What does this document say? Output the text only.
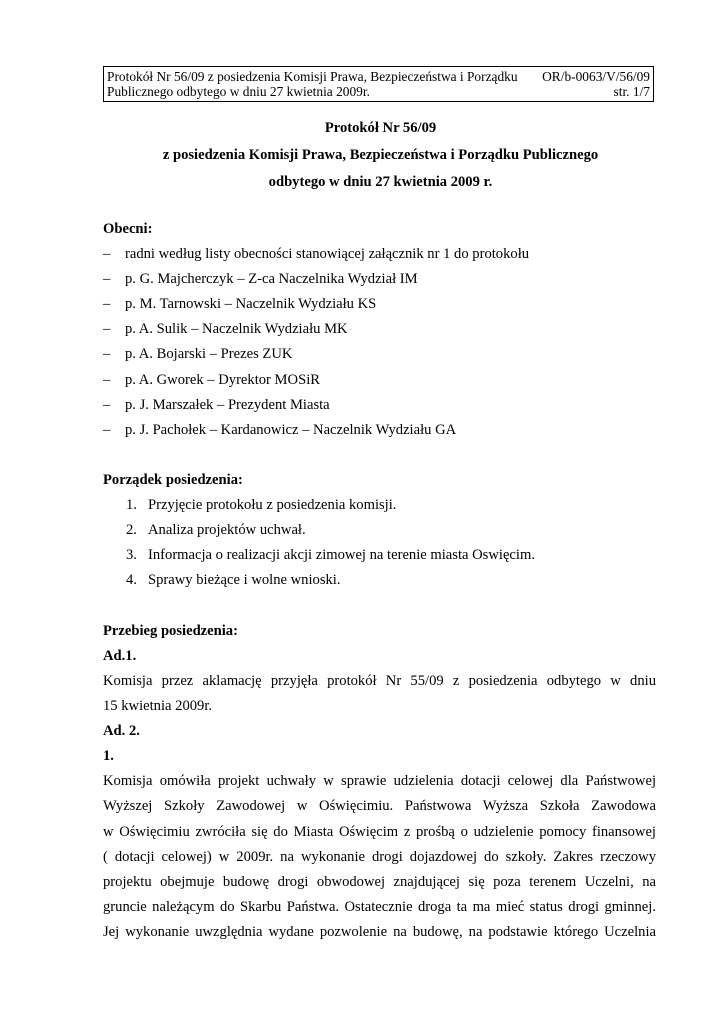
Protokół Nr 56/09 z posiedzenia Komisji Prawa, Bezpieczeństwa i Porządku OR/b-0063/V/56/09
Publicznego odbytego w dniu 27 kwietnia 2009r.	str. 1/7
Protokół Nr 56/09
z posiedzenia Komisji Prawa, Bezpieczeństwa i Porządku Publicznego
odbytego w dniu 27 kwietnia 2009 r.
Obecni:
– radni według listy obecności stanowiącej załącznik nr 1 do protokołu
– p. G. Majcherczyk – Z-ca Naczelnika Wydział IM
– p. M. Tarnowski – Naczelnik Wydziału KS
– p. A. Sulik – Naczelnik Wydziału MK
– p. A. Bojarski – Prezes ZUK
– p. A. Gworek – Dyrektor MOSiR
– p. J. Marszałek – Prezydent Miasta
– p. J. Pachołek – Kardanowicz – Naczelnik Wydziału GA
Porządek posiedzenia:
1. Przyjęcie protokołu z posiedzenia komisji.
2. Analiza projektów uchwał.
3. Informacja o realizacji akcji zimowej na terenie miasta Oswięcim.
4. Sprawy bieżące i wolne wnioski.
Przebieg posiedzenia:
Ad.1.
Komisja przez aklamację przyjęła protokół Nr 55/09 z posiedzenia odbytego w dniu
15 kwietnia 2009r.
Ad. 2.
1.
Komisja omówiła projekt uchwały w sprawie udzielenia dotacji celowej dla Państwowej
Wyższej Szkoły Zawodowej w Oświęcimiu. Państwowa Wyższa Szkoła Zawodowa
w Oświęcimiu zwróciła się do Miasta Oświęcim z prośbą o udzielenie pomocy finansowej
( dotacji celowej) w 2009r. na wykonanie drogi dojazdowej do szkoły. Zakres rzeczowy
projektu obejmuje budowę drogi obwodowej znajdującej się poza terenem Uczelni, na
gruncie należącym do Skarbu Państwa. Ostatecznie droga ta ma mieć status drogi gminnej.
Jej wykonanie uwzględnia wydane pozwolenie na budowę, na podstawie którego Uczelnia
